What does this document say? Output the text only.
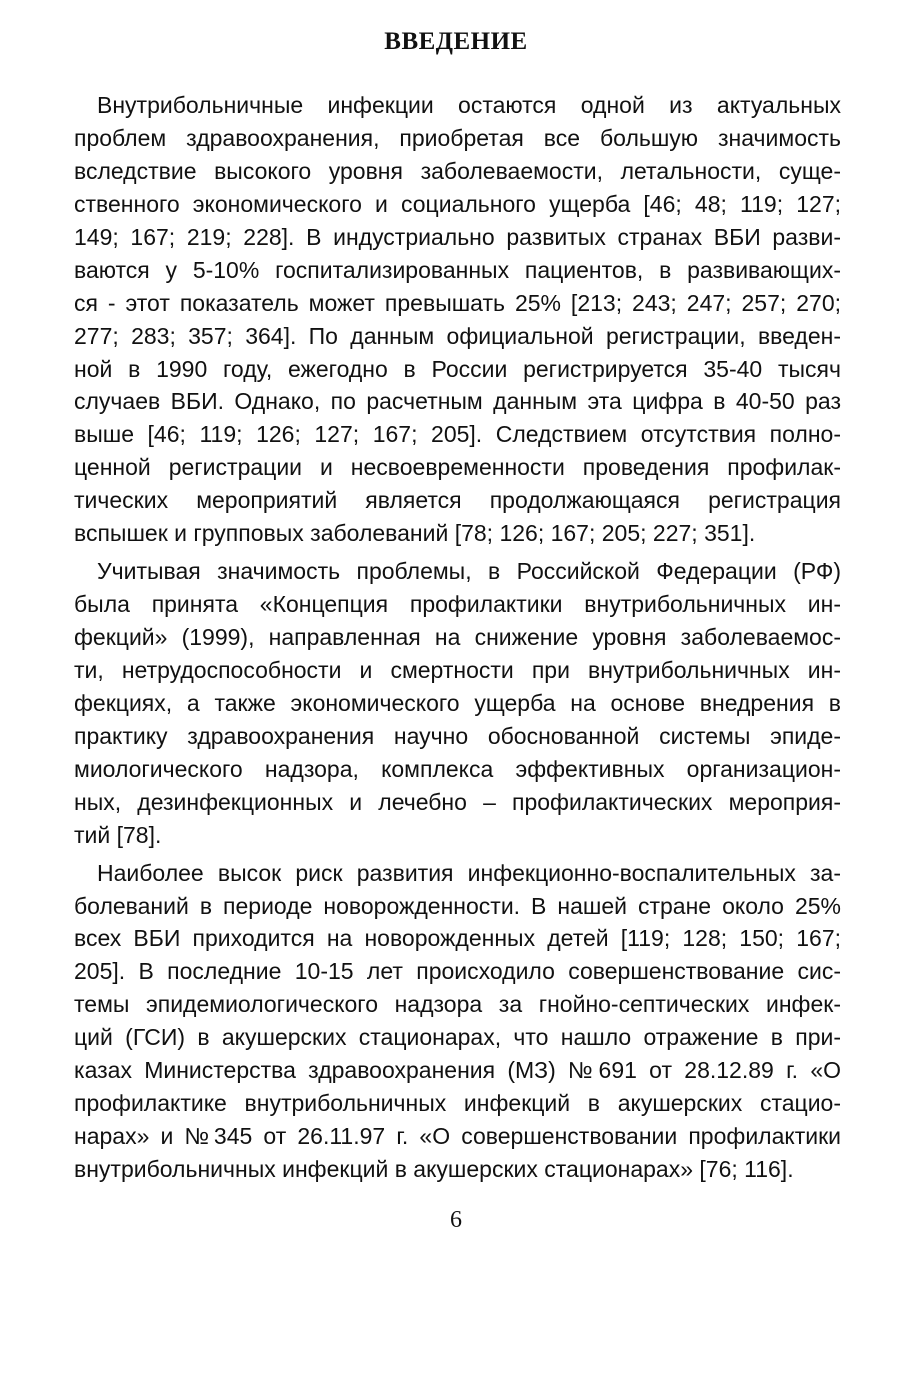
ВВЕДЕНИЕ
Внутрибольничные инфекции остаются одной из актуальных
проблем здравоохранения, приобретая все большую значимость
вследствие высокого уровня заболеваемости, летальности, суще-
ственного экономического и социального ущерба [46; 48; 119; 127;
149; 167; 219; 228]. В индустриально развитых странах ВБИ разви-
ваются у 5-10% госпитализированных пациентов, в развивающих-
ся - этот показатель может превышать 25% [213; 243; 247; 257; 270;
277; 283; 357; 364]. По данным официальной регистрации, введен-
ной в 1990 году, ежегодно в России регистрируется 35-40 тысяч
случаев ВБИ. Однако, по расчетным данным эта цифра в 40-50 раз
выше [46; 119; 126; 127; 167; 205]. Следствием отсутствия полно-
ценной регистрации и несвоевременности проведения профилак-
тических мероприятий является продолжающаяся регистрация
вспышек и групповых заболеваний [78; 126; 167; 205; 227; 351].
Учитывая значимость проблемы, в Российской Федерации (РФ)
была принята «Концепция профилактики внутрибольничных ин-
фекций» (1999), направленная на снижение уровня заболеваемос-
ти, нетрудоспособности и смертности при внутрибольничных ин-
фекциях, а также экономического ущерба на основе внедрения в
практику здравоохранения научно обоснованной системы эпиде-
миологического надзора, комплекса эффективных организацион-
ных, дезинфекционных и лечебно – профилактических мероприя-
тий [78].
Наиболее высок риск развития инфекционно-воспалительных за-
болеваний в периоде новорожденности. В нашей стране около 25%
всех ВБИ приходится на новорожденных детей [119; 128; 150; 167;
205]. В последние 10-15 лет происходило совершенствование сис-
темы эпидемиологического надзора за гнойно-септических инфек-
ций (ГСИ) в акушерских стационарах, что нашло отражение в при-
казах Министерства здравоохранения (МЗ) №691 от 28.12.89 г. «О
профилактике внутрибольничных инфекций в акушерских стацио-
нарах» и №345 от 26.11.97 г. «О совершенствовании профилактики
внутрибольничных инфекций в акушерских стационарах» [76; 116].
6
